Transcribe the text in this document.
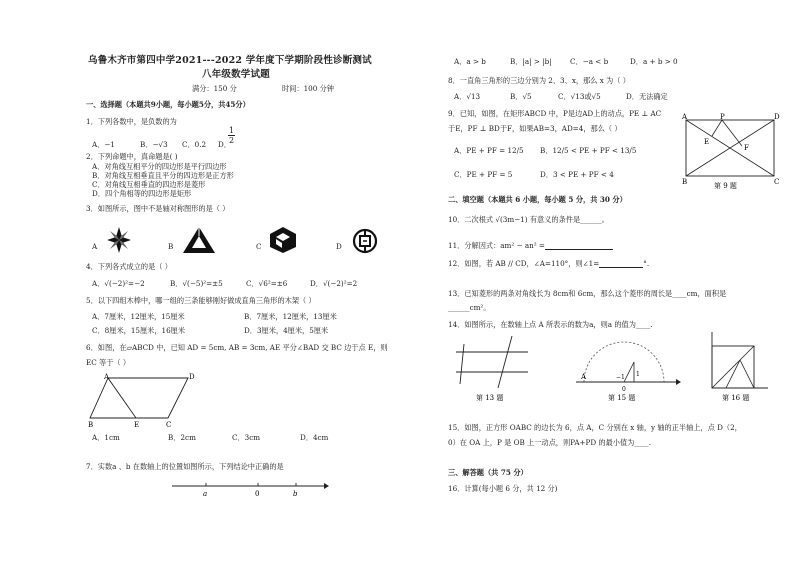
乌鲁木齐市第四中学2021---2022 学年度下学期阶段性诊断测试
八年级数学试题
满分：150 分	时间：100 分钟
一、选择题（本题共9小题，每小题5分，共45分）
1．下列各数中，是负数的为
A．−1	B．−√3 C．0.2 D．
$\frac{1}{2}$
2．下列命题中，真命题是( )
A．对角线互相平分的四边形是平行四边形
B．对角线互相垂直且平分的四边形是正方形
C．对角线互相垂直的四边形是菱形
D．四个角相等的四边形是矩形
3．如图所示，图中不是轴对称图形的是（ ）
A	B	C	D
4．下列各式成立的是（ ）
A．√(−2)²=−2	B．√(−5)²=±5	C．√6²=±6	D．√(−2)²=2
5．以下四组木棒中，哪一组的三条能够刚好做成直角三角形的木架（ ）
A．7厘米，12厘米，15厘米	B．7厘米，12厘米，13厘米
C．8厘米，15厘米，16厘米	D．3厘米，4厘米，5厘米
6．如图，在▱ABCD 中，已知 AD = 5cm, AB = 3cm, AE 平分∠BAD 交 BC 边于点 E，则
EC 等于（ ）
A	D
B	E	C
A．1cm	B．2cm	C．3cm	D．4cm
7．实数a 、b 在数轴上的位置如图所示，下列结论中正确的是
a	0	b
A．a > b	B．|a| > |b|	C．−a < b	D．a + b > 0
8．一直角三角形的三边分别为 2、3、x，那么 x 为（ ）
A．√13	B．√5	C．√13或√5	D．无法确定
9．已知，如图，在矩形ABCD 中，P是边AD上的动点，PE ⊥ AC
于E，PF ⊥ BD于F，如果AB=3，AD=4，那么（ ）
A．PE + PF = 12/5 B．12/5 < PE + PF < 13/5
C．PE + PF = 5	D．3 < PE + PF < 4
A	P	D
E
F
B	C
第 9 题
二、填空题（本题共 6 小题，每小题 5 分，共 30 分）
10．二次根式 √(3m−1) 有意义的条件是______。
11．分解因式：am² − an² =
12．如图，若 AB // CD，∠A=110°，则∠1=	°.
13．已知菱形的两条对角线长为 8cm和 6cm，那么这个菱形的周长是____cm，面积是
______cm²。
14．如图所示，在数轴上点 A 所表示的数为a，则a 的值为____.
第 13 题
A	−1
0
1
第 15 题	第 16 题
15．如图，正方形 OABC 的边长为 6，点 A，C 分别在 x 轴，y 轴的正半轴上，点 D（2，
0）在 OA 上，P 是 OB 上一动点，则PA+PD 的最小值为____.
三、解答题（共 75 分）
16．计算(每小题 6 分，共 12 分)
